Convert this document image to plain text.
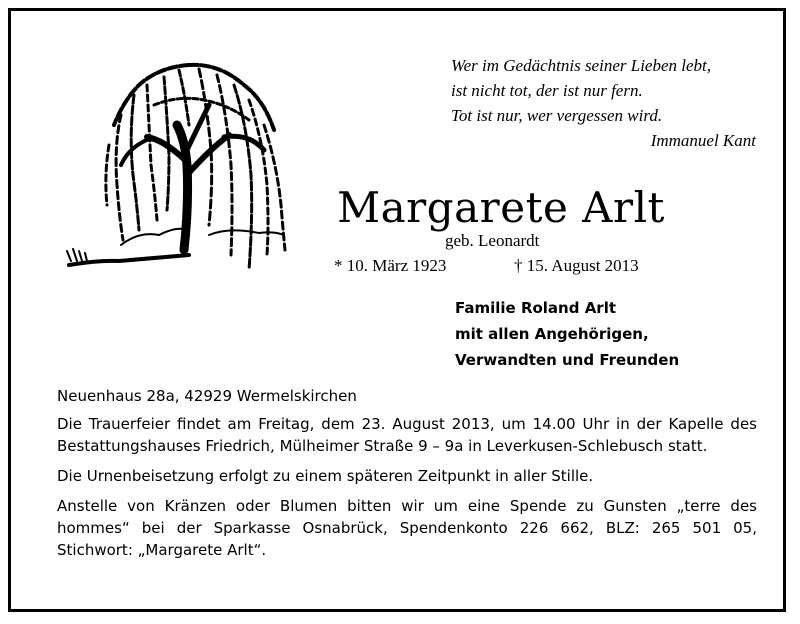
Wer im Gedächtnis seiner Lieben lebt,
ist nicht tot, der ist nur fern.
Tot ist nur, wer vergessen wird.
Immanuel Kant
Margarete Arlt
geb. Leonardt
* 10. März 1923	† 15. August 2013
Familie Roland Arlt
mit allen Angehörigen,
Verwandten und Freunden

Neuenhaus 28a, 42929 Wermelskirchen

Die Trauerfeier findet am Freitag, dem 23. August 2013, um 14.00 Uhr in der Kapelle des Bestattungshauses Friedrich, Mülheimer Straße 9 – 9a in Leverkusen-Schlebusch statt.

Die Urnenbeisetzung erfolgt zu einem späteren Zeitpunkt in aller Stille.

Anstelle von Kränzen oder Blumen bitten wir um eine Spende zu Gunsten „terre des hommes“ bei der Sparkasse Osnabrück, Spendenkonto 226 662, BLZ: 265 501 05, Stichwort: „Margarete Arlt“.
